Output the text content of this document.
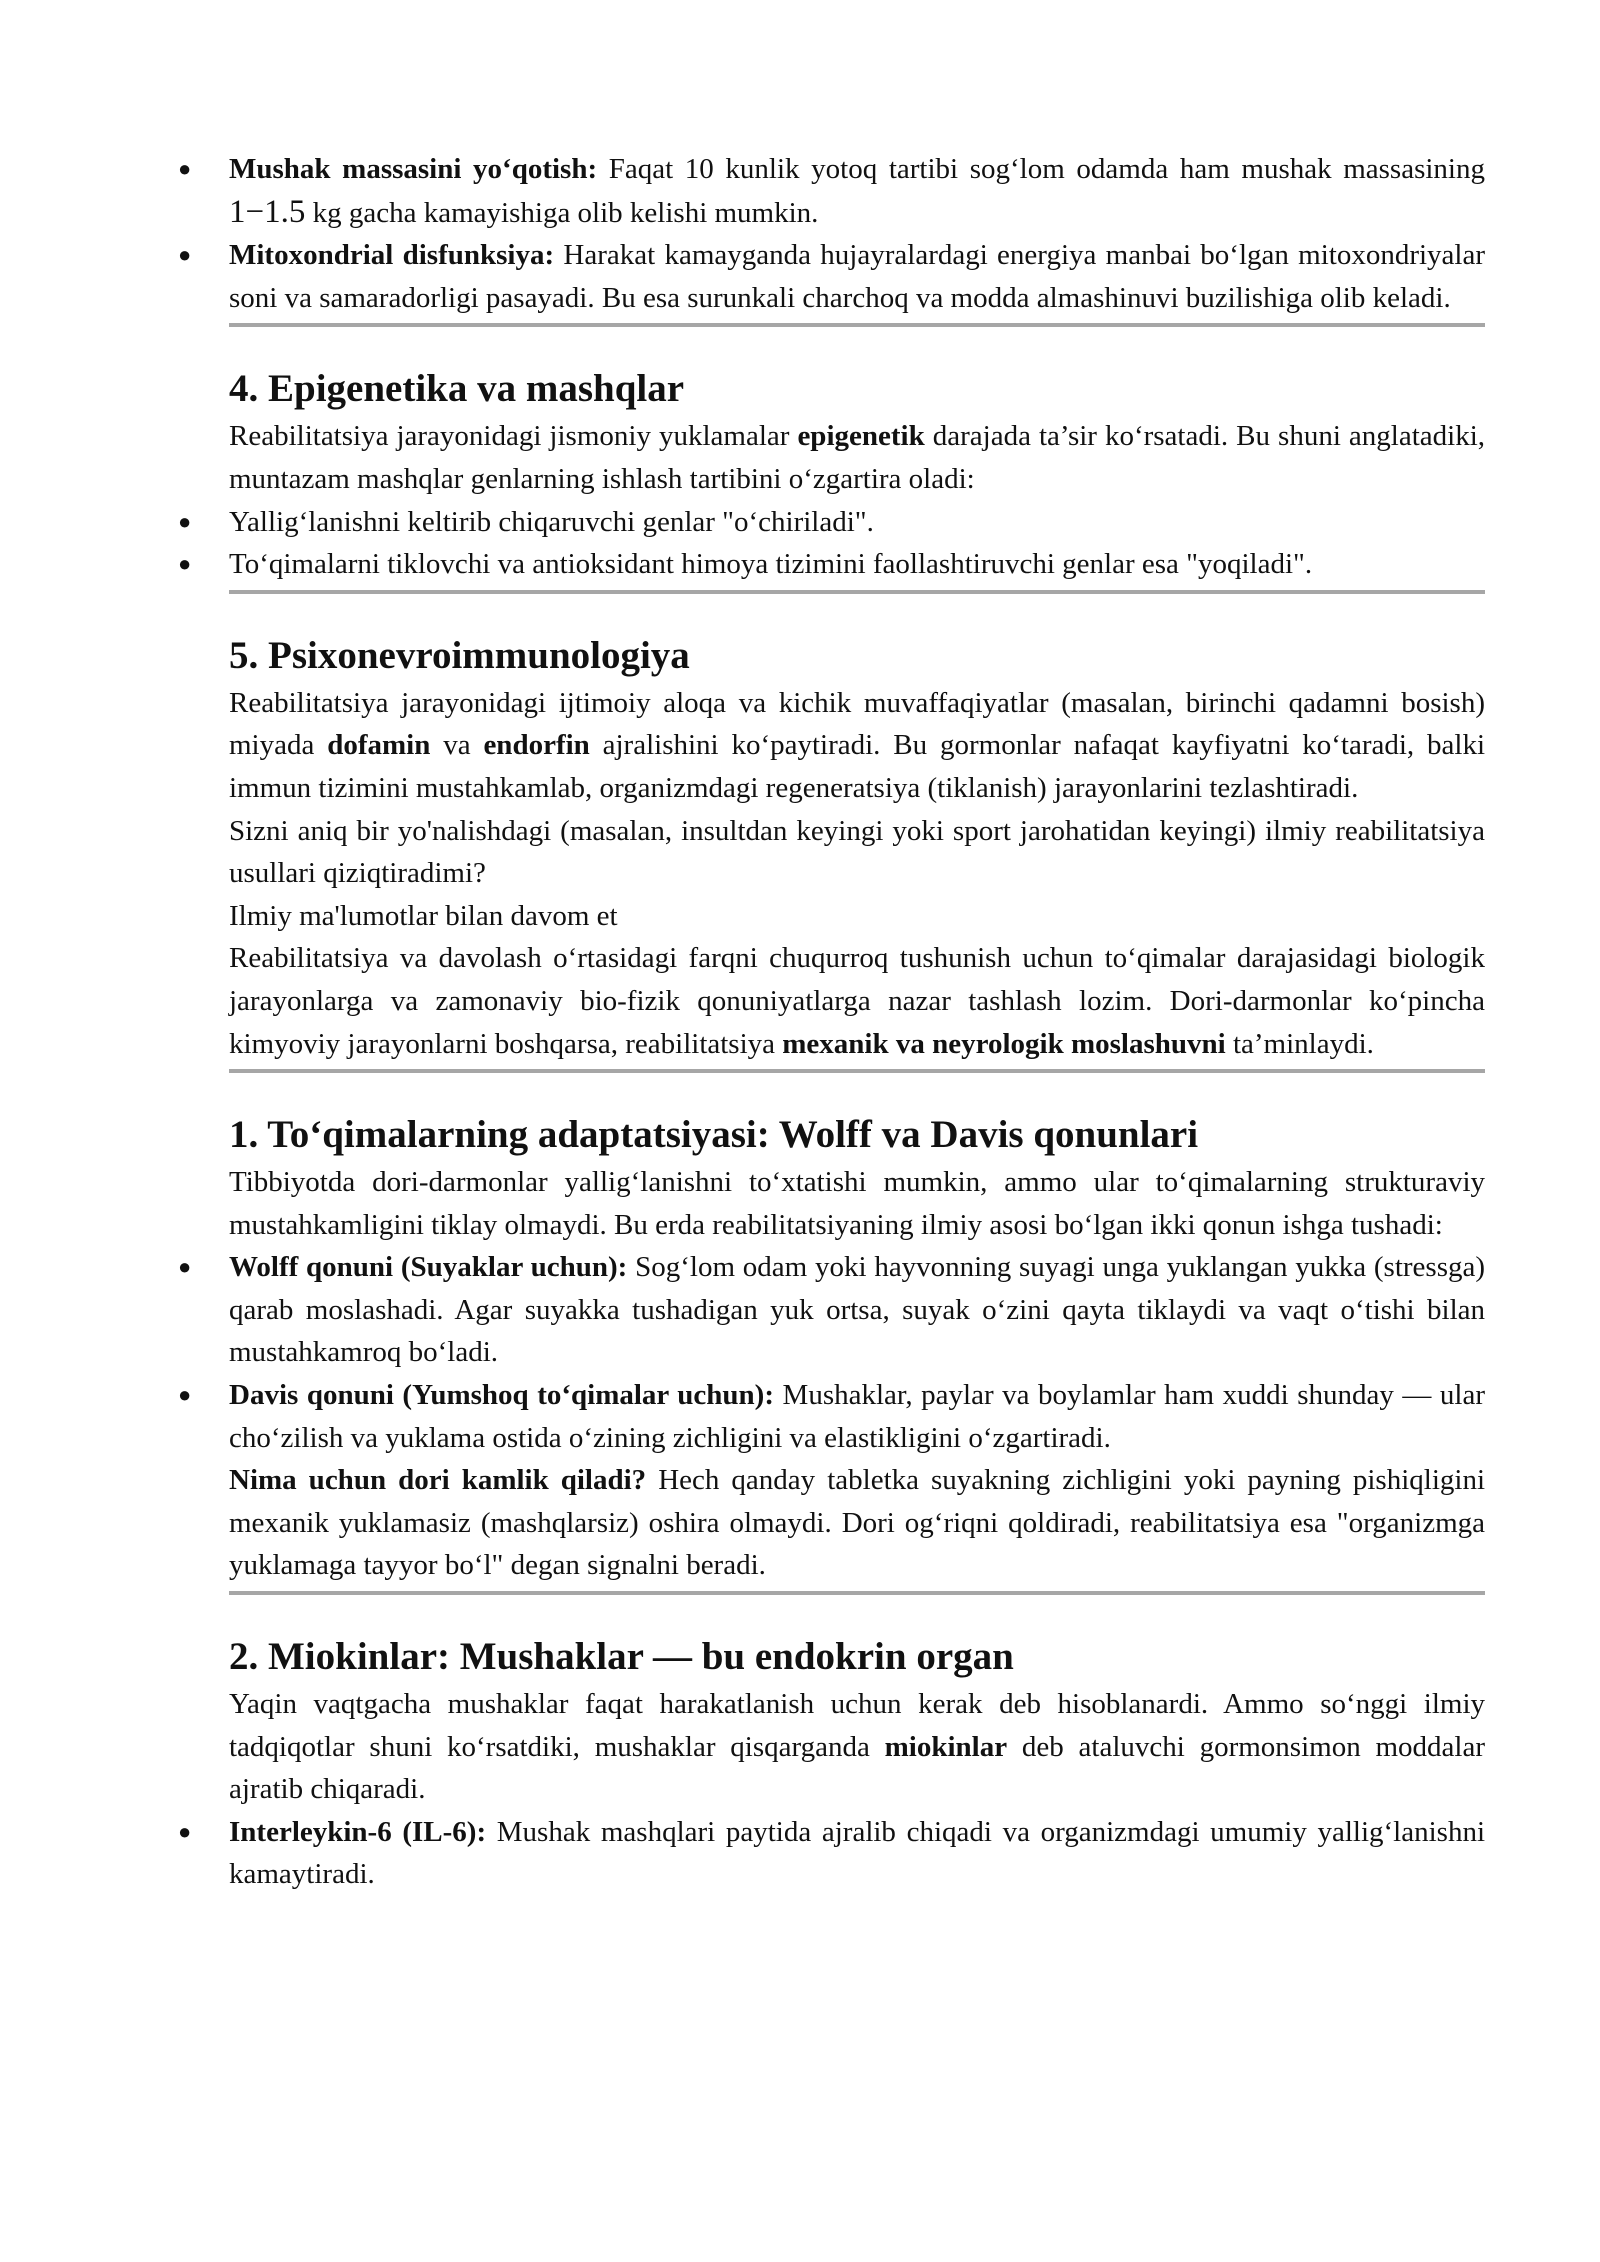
● Mushak massasini yo‘qotish: Faqat 10 kunlik yotoq tartibi sog‘lom odamda ham mushak massasining 1−1.5 kg gacha kamayishiga olib kelishi mumkin.
● Mitoxondrial disfunksiya: Harakat kamayganda hujayralardagi energiya manbai bo‘lgan mitoxondriyalar soni va samaradorligi pasayadi. Bu esa surunkali charchoq va modda almashinuvi buzilishiga olib keladi.
4. Epigenetika va mashqlar

Reabilitatsiya jarayonidagi jismoniy yuklamalar epigenetik darajada ta’sir ko‘rsatadi. Bu shuni anglatadiki, muntazam mashqlar genlarning ishlash tartibini o‘zgartira oladi:

● Yallig‘lanishni keltirib chiqaruvchi genlar "o‘chiriladi".
● To‘qimalarni tiklovchi va antioksidant himoya tizimini faollashtiruvchi genlar esa "yoqiladi".
5. Psixonevroimmunologiya

Reabilitatsiya jarayonidagi ijtimoiy aloqa va kichik muvaffaqiyatlar (masalan, birinchi qadamni bosish) miyada dofamin va endorfin ajralishini ko‘paytiradi. Bu gormonlar nafaqat kayfiyatni ko‘taradi, balki immun tizimini mustahkamlab, organizmdagi regeneratsiya (tiklanish) jarayonlarini tezlashtiradi.

Sizni aniq bir yo'nalishdagi (masalan, insultdan keyingi yoki sport jarohatidan keyingi) ilmiy reabilitatsiya usullari qiziqtiradimi?

Ilmiy ma'lumotlar bilan davom et

Reabilitatsiya va davolash o‘rtasidagi farqni chuqurroq tushunish uchun to‘qimalar darajasidagi biologik jarayonlarga va zamonaviy bio-fizik qonuniyatlarga nazar tashlash lozim. Dori-darmonlar ko‘pincha kimyoviy jarayonlarni boshqarsa, reabilitatsiya mexanik va neyrologik moslashuvni ta’minlaydi.

1. To‘qimalarning adaptatsiyasi: Wolff va Davis qonunlari

Tibbiyotda dori-darmonlar yallig‘lanishni to‘xtatishi mumkin, ammo ular to‘qimalarning strukturaviy mustahkamligini tiklay olmaydi. Bu erda reabilitatsiyaning ilmiy asosi bo‘lgan ikki qonun ishga tushadi:

● Wolff qonuni (Suyaklar uchun): Sog‘lom odam yoki hayvonning suyagi unga yuklangan yukka (stressga) qarab moslashadi. Agar suyakka tushadigan yuk ortsa, suyak o‘zini qayta tiklaydi va vaqt o‘tishi bilan mustahkamroq bo‘ladi.
● Davis qonuni (Yumshoq to‘qimalar uchun): Mushaklar, paylar va boylamlar ham xuddi shunday — ular cho‘zilish va yuklama ostida o‘zining zichligini va elastikligini o‘zgartiradi.

Nima uchun dori kamlik qiladi? Hech qanday tabletka suyakning zichligini yoki payning pishiqligini mexanik yuklamasiz (mashqlarsiz) oshira olmaydi. Dori og‘riqni qoldiradi, reabilitatsiya esa "organizmga yuklamaga tayyor bo‘l" degan signalni beradi.

2. Miokinlar: Mushaklar — bu endokrin organ

Yaqin vaqtgacha mushaklar faqat harakatlanish uchun kerak deb hisoblanardi. Ammo so‘nggi ilmiy tadqiqotlar shuni ko‘rsatdiki, mushaklar qisqarganda miokinlar deb ataluvchi gormonsimon moddalar ajratib chiqaradi.

● Interleykin-6 (IL-6): Mushak mashqlari paytida ajralib chiqadi va organizmdagi umumiy yallig‘lanishni kamaytiradi.
